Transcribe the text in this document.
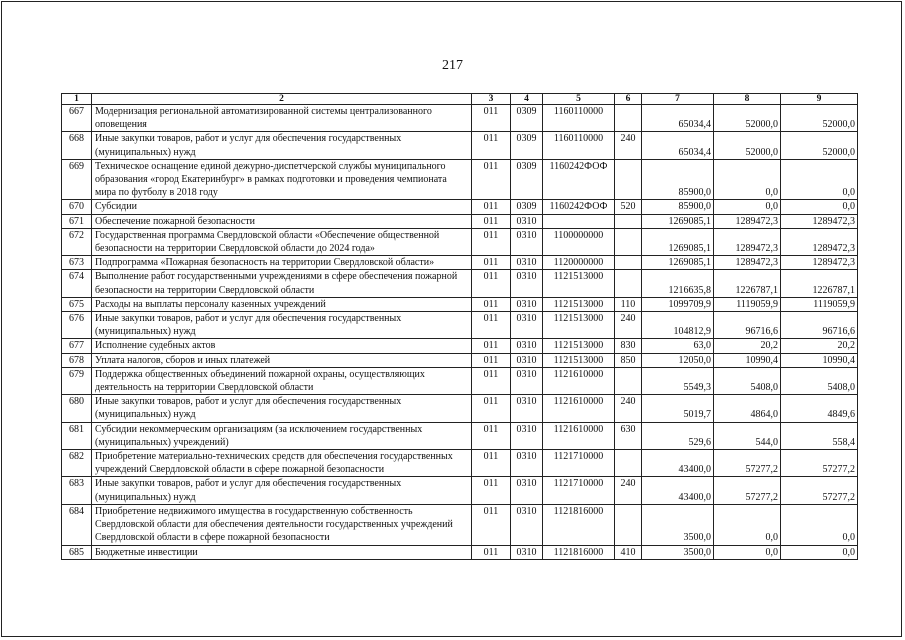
217
1	2	3	4	5	6	7	8	9
667	Модернизация региональной автоматизированной системы централизованного оповещения	011	0309	1160110000		65034,4	52000,0	52000,0
668	Иные закупки товаров, работ и услуг для обеспечения государственных (муниципальных) нужд	011	0309	1160110000	240	65034,4	52000,0	52000,0
669	Техническое оснащение единой дежурно-диспетчерской службы муниципального образования «город Екатеринбург» в рамках подготовки и проведения чемпионата мира по футболу в 2018 году	011	0309	1160242ФОФ		85900,0	0,0	0,0
670	Субсидии	011	0309	1160242ФОФ	520	85900,0	0,0	0,0
671	Обеспечение пожарной безопасности	011	0310			1269085,1	1289472,3	1289472,3
672	Государственная программа Свердловской области «Обеспечение общественной безопасности на территории Свердловской области до 2024 года»	011	0310	1100000000		1269085,1	1289472,3	1289472,3
673	Подпрограмма «Пожарная безопасность на территории Свердловской области»	011	0310	1120000000		1269085,1	1289472,3	1289472,3
674	Выполнение работ государственными учреждениями в сфере обеспечения пожарной безопасности на территории Свердловской области	011	0310	1121513000		1216635,8	1226787,1	1226787,1
675	Расходы на выплаты персоналу казенных учреждений	011	0310	1121513000	110	1099709,9	1119059,9	1119059,9
676	Иные закупки товаров, работ и услуг для обеспечения государственных (муниципальных) нужд	011	0310	1121513000	240	104812,9	96716,6	96716,6
677	Исполнение судебных актов	011	0310	1121513000	830	63,0	20,2	20,2
678	Уплата налогов, сборов и иных платежей	011	0310	1121513000	850	12050,0	10990,4	10990,4
679	Поддержка общественных объединений пожарной охраны, осуществляющих деятельность на территории Свердловской области	011	0310	1121610000		5549,3	5408,0	5408,0
680	Иные закупки товаров, работ и услуг для обеспечения государственных (муниципальных) нужд	011	0310	1121610000	240	5019,7	4864,0	4849,6
681	Субсидии некоммерческим организациям (за исключением государственных (муниципальных) учреждений)	011	0310	1121610000	630	529,6	544,0	558,4
682	Приобретение материально-технических средств для обеспечения государственных учреждений Свердловской области в сфере пожарной безопасности	011	0310	1121710000		43400,0	57277,2	57277,2
683	Иные закупки товаров, работ и услуг для обеспечения государственных (муниципальных) нужд	011	0310	1121710000	240	43400,0	57277,2	57277,2
684	Приобретение недвижимого имущества в государственную собственность Свердловской области для обеспечения деятельности государственных учреждений Свердловской области в сфере пожарной безопасности	011	0310	1121816000		3500,0	0,0	0,0
685	Бюджетные инвестиции	011	0310	1121816000	410	3500,0	0,0	0,0
